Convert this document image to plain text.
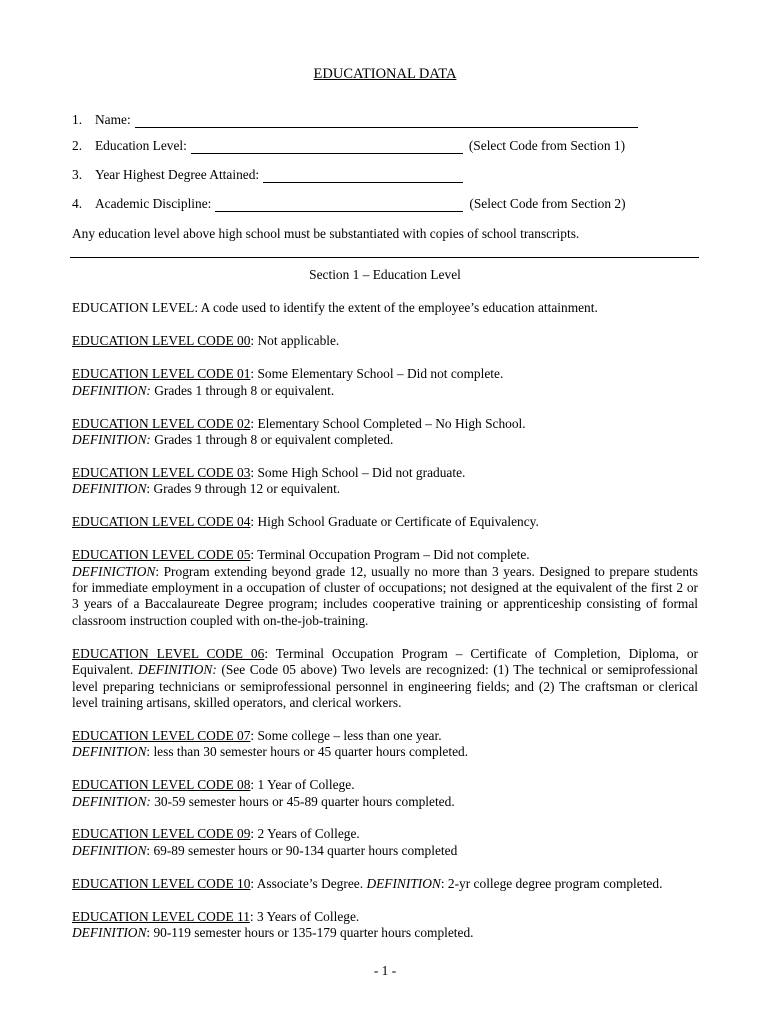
EDUCATIONAL DATA
1. Name:
2. Education Level:	(Select Code from Section 1)
3. Year Highest Degree Attained:
4. Academic Discipline:	(Select Code from Section 2)
Any education level above high school must be substantiated with copies of school transcripts.
Section 1 – Education Level
EDUCATION LEVEL: A code used to identify the extent of the employee’s education attainment.
EDUCATION LEVEL CODE 00: Not applicable.
EDUCATION LEVEL CODE 01: Some Elementary School – Did not complete.
DEFINITION: Grades 1 through 8 or equivalent.
EDUCATION LEVEL CODE 02: Elementary School Completed – No High School.
DEFINITION: Grades 1 through 8 or equivalent completed.
EDUCATION LEVEL CODE 03: Some High School – Did not graduate.
DEFINITION: Grades 9 through 12 or equivalent.
EDUCATION LEVEL CODE 04: High School Graduate or Certificate of Equivalency.
EDUCATION LEVEL CODE 05: Terminal Occupation Program – Did not complete.
DEFINICTION: Program extending beyond grade 12, usually no more than 3 years. Designed to prepare students for immediate employment in a occupation of cluster of occupations; not designed at the equivalent of the first 2 or 3 years of a Baccalaureate Degree program; includes cooperative training or apprenticeship consisting of formal classroom instruction coupled with on-the-job-training.
EDUCATION LEVEL CODE 06: Terminal Occupation Program – Certificate of Completion, Diploma, or Equivalent. DEFINITION: (See Code 05 above) Two levels are recognized: (1) The technical or semiprofessional level preparing technicians or semiprofessional personnel in engineering fields; and (2) The craftsman or clerical level training artisans, skilled operators, and clerical workers.
EDUCATION LEVEL CODE 07: Some college – less than one year.
DEFINITION: less than 30 semester hours or 45 quarter hours completed.
EDUCATION LEVEL CODE 08: 1 Year of College.
DEFINITION: 30-59 semester hours or 45-89 quarter hours completed.
EDUCATION LEVEL CODE 09: 2 Years of College.
DEFINITION: 69-89 semester hours or 90-134 quarter hours completed
EDUCATION LEVEL CODE 10: Associate’s Degree. DEFINITION: 2-yr college degree program completed.
EDUCATION LEVEL CODE 11: 3 Years of College.
DEFINITION: 90-119 semester hours or 135-179 quarter hours completed.
- 1 -
